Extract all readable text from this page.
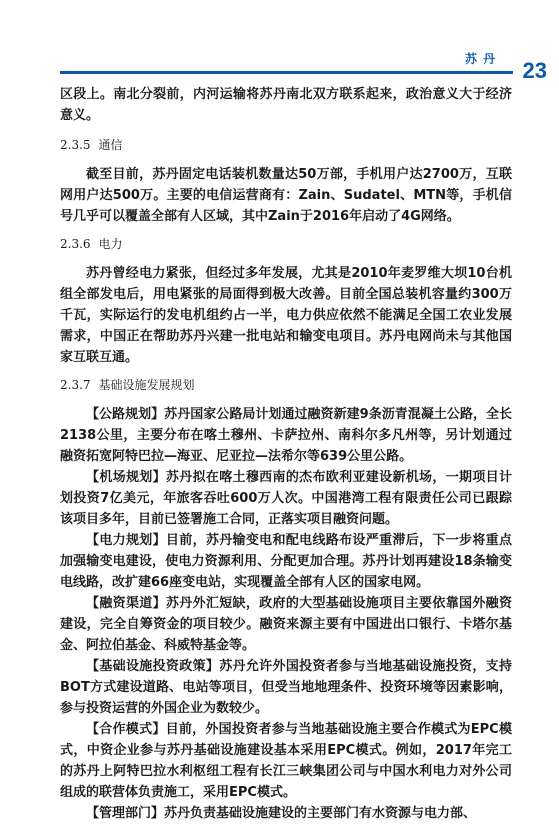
苏丹 23

区段上。南北分裂前，内河运输将苏丹南北双方联系起来，政治意义大于经济意义。

2.3.5 通信

截至目前，苏丹固定电话装机数量达50万部，手机用户达2700万，互联网用户达500万。主要的电信运营商有：Zain、Sudatel、MTN等，手机信号几乎可以覆盖全部有人区域，其中Zain于2016年启动了4G网络。

2.3.6 电力

苏丹曾经电力紧张，但经过多年发展，尤其是2010年麦罗维大坝10台机组全部发电后，用电紧张的局面得到极大改善。目前全国总装机容量约300万千瓦，实际运行的发电机组约占一半，电力供应依然不能满足全国工农业发展需求，中国正在帮助苏丹兴建一批电站和输变电项目。苏丹电网尚未与其他国家互联互通。

2.3.7 基础设施发展规划

【公路规划】苏丹国家公路局计划通过融资新建9条沥青混凝土公路，全长2138公里，主要分布在喀土穆州、卡萨拉州、南科尔多凡州等，另计划通过融资拓宽阿特巴拉—海亚、尼亚拉—法希尔等639公里公路。

【机场规划】苏丹拟在喀土穆西南的杰布欧利亚建设新机场，一期项目计划投资7亿美元，年旅客吞吐600万人次。中国港湾工程有限责任公司已跟踪该项目多年，目前已签署施工合同，正落实项目融资问题。

【电力规划】目前，苏丹输变电和配电线路布设严重滞后，下一步将重点加强输变电建设，使电力资源利用、分配更加合理。苏丹计划再建设18条输变电线路，改扩建66座变电站，实现覆盖全部有人区的国家电网。

【融资渠道】苏丹外汇短缺，政府的大型基础设施项目主要依靠国外融资建设，完全自筹资金的项目较少。融资来源主要有中国进出口银行、卡塔尔基金、阿拉伯基金、科威特基金等。

【基础设施投资政策】苏丹允许外国投资者参与当地基础设施投资，支持BOT方式建设道路、电站等项目，但受当地地理条件、投资环境等因素影响，参与投资运营的外国企业为数较少。

【合作模式】目前，外国投资者参与当地基础设施主要合作模式为EPC模式，中资企业参与苏丹基础设施建设基本采用EPC模式。例如，2017年完工的苏丹上阿特巴拉水利枢纽工程有长江三峡集团公司与中国水利电力对外公司组成的联营体负责施工，采用EPC模式。

【管理部门】苏丹负责基础设施建设的主要部门有水资源与电力部、
